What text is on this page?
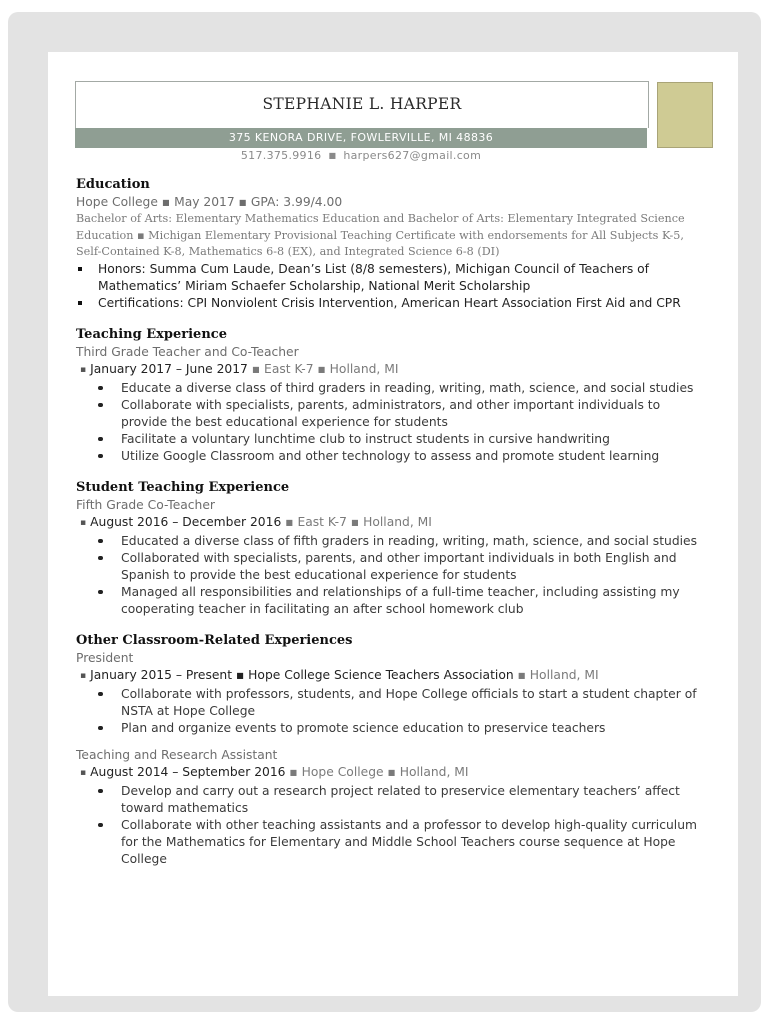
STEPHANIE L. HARPER
375 KENORA DRIVE, FOWLERVILLE, MI 48836
517.375.9916 ■ harpers627@gmail.com
Education
Hope College ▪ May 2017 ▪ GPA: 3.99/4.00
Bachelor of Arts: Elementary Mathematics Education and Bachelor of Arts: Elementary Integrated Science Education ▪ Michigan Elementary Provisional Teaching Certificate with endorsements for All Subjects K-5, Self-Contained K-8, Mathematics 6-8 (EX), and Integrated Science 6-8 (DI)
Honors: Summa Cum Laude, Dean’s List (8/8 semesters), Michigan Council of Teachers of Mathematics’ Miriam Schaefer Scholarship, National Merit Scholarship
Certifications: CPI Nonviolent Crisis Intervention, American Heart Association First Aid and CPR
Teaching Experience
Third Grade Teacher and Co-Teacher
▪ January 2017 – June 2017 ▪ East K-7 ▪ Holland, MI
Educate a diverse class of third graders in reading, writing, math, science, and social studies
Collaborate with specialists, parents, administrators, and other important individuals to provide the best educational experience for students
Facilitate a voluntary lunchtime club to instruct students in cursive handwriting
Utilize Google Classroom and other technology to assess and promote student learning
Student Teaching Experience
Fifth Grade Co-Teacher
▪ August 2016 – December 2016 ▪ East K-7 ▪ Holland, MI
Educated a diverse class of fifth graders in reading, writing, math, science, and social studies
Collaborated with specialists, parents, and other important individuals in both English and Spanish to provide the best educational experience for students
Managed all responsibilities and relationships of a full-time teacher, including assisting my cooperating teacher in facilitating an after school homework club
Other Classroom-Related Experiences
President
▪ January 2015 – Present ▪ Hope College Science Teachers Association ▪ Holland, MI
Collaborate with professors, students, and Hope College officials to start a student chapter of NSTA at Hope College
Plan and organize events to promote science education to preservice teachers
Teaching and Research Assistant
▪ August 2014 – September 2016 ▪ Hope College ▪ Holland, MI
Develop and carry out a research project related to preservice elementary teachers’ affect toward mathematics
Collaborate with other teaching assistants and a professor to develop high-quality curriculum for the Mathematics for Elementary and Middle School Teachers course sequence at Hope College
